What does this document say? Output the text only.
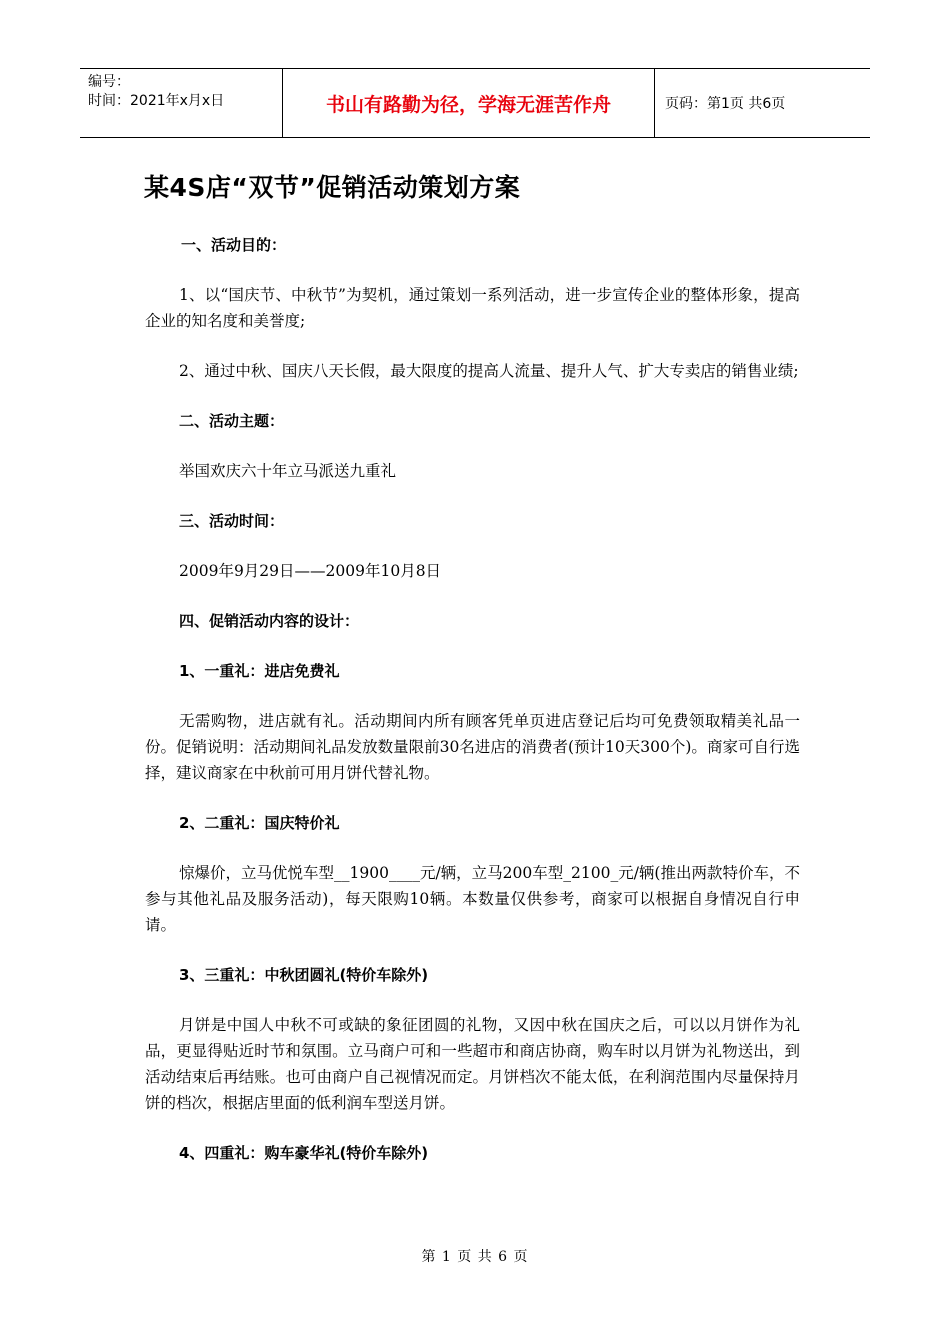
编号：
时间：2021年x月x日	书山有路勤为径，学海无涯苦作舟	页码：第1页 共6页
某4S店“双节”促销活动策划方案
一、活动目的：
1、以“国庆节、中秋节”为契机，通过策划一系列活动，进一步宣传企业的整体形象，提高企业的知名度和美誉度;
2、通过中秋、国庆八天长假，最大限度的提高人流量、提升人气、扩大专卖店的销售业绩;
二、活动主题：
举国欢庆六十年立马派送九重礼
三、活动时间：
2009年9月29日——2009年10月8日
四、促销活动内容的设计：
1、一重礼：进店免费礼
无需购物，进店就有礼。活动期间内所有顾客凭单页进店登记后均可免费领取精美礼品一份。促销说明：活动期间礼品发放数量限前30名进店的消费者(预计10天300个)。商家可自行选择，建议商家在中秋前可用月饼代替礼物。
2、二重礼：国庆特价礼
惊爆价，立马优悦车型__1900____元/辆，立马200车型_2100_元/辆(推出两款特价车，不参与其他礼品及服务活动)，每天限购10辆。本数量仅供参考，商家可以根据自身情况自行申请。
3、三重礼：中秋团圆礼(特价车除外)
月饼是中国人中秋不可或缺的象征团圆的礼物，又因中秋在国庆之后，可以以月饼作为礼品，更显得贴近时节和氛围。立马商户可和一些超市和商店协商，购车时以月饼为礼物送出，到活动结束后再结账。也可由商户自己视情况而定。月饼档次不能太低，在利润范围内尽量保持月饼的档次，根据店里面的低利润车型送月饼。
4、四重礼：购车豪华礼(特价车除外)
第 1 页 共 6 页
